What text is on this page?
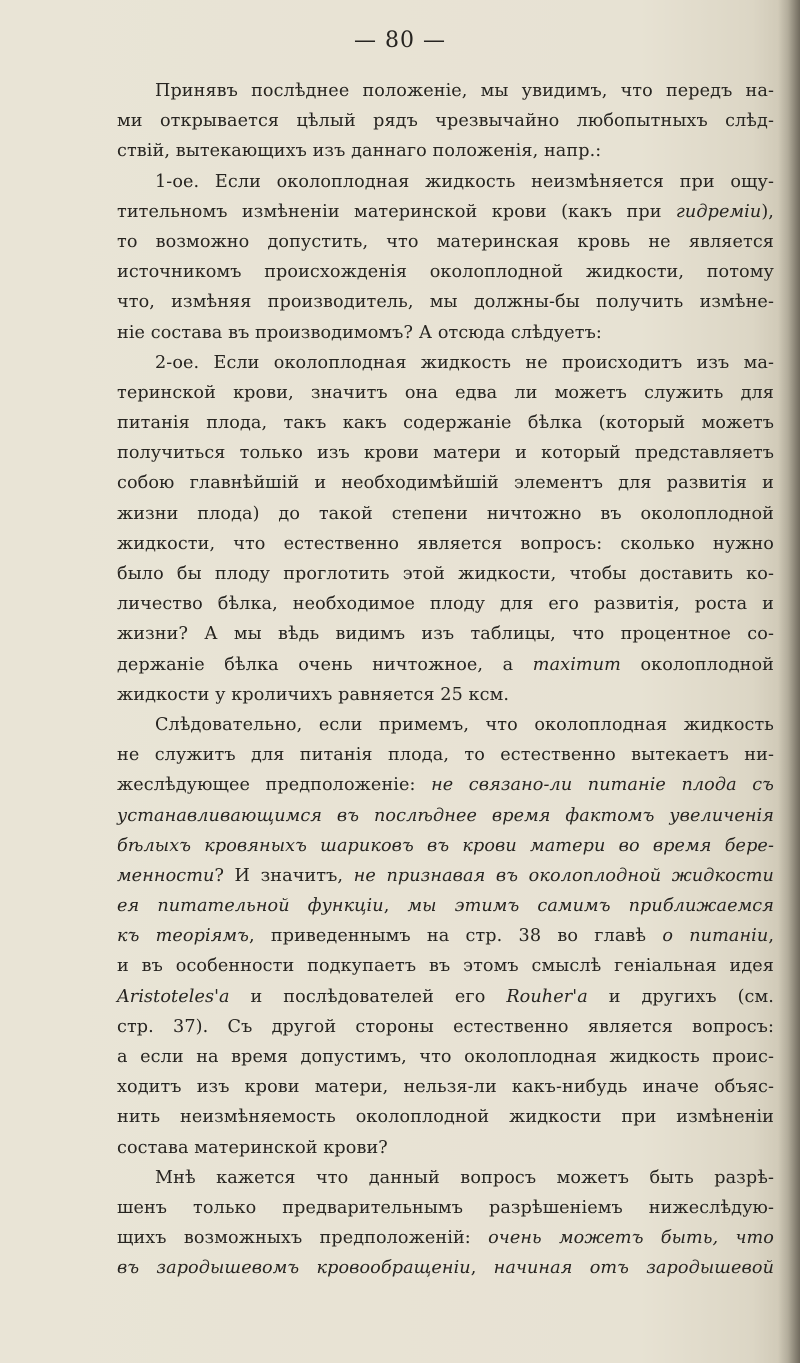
— 80 —
Принявъ послѣднее положеніе, мы увидимъ, что передъ на-
ми открывается цѣлый рядъ чрезвычайно любопытныхъ слѣд-
ствій, вытекающихъ изъ даннаго положенія, напр.:
1-ое. Если околоплодная жидкость неизмѣняется при ощу-
тительномъ измѣненіи материнской крови (какъ при гидреміи),
то возможно допустить, что материнская кровь не является
источникомъ происхожденія околоплодной жидкости, потому
что, измѣняя производитель, мы должны-бы получить измѣне-
ніе состава въ производимомъ? А отсюда слѣдуетъ:
2-ое. Если околоплодная жидкость не происходитъ изъ ма-
теринской крови, значитъ она едва ли можетъ служить для
питанія плода, такъ какъ содержаніе бѣлка (который можетъ
получиться только изъ крови матери и который представляетъ
собою главнѣйшій и необходимѣйшій элементъ для развитія и
жизни плода) до такой степени ничтожно въ околоплодной
жидкости, что естественно является вопросъ: сколько нужно
было бы плоду проглотить этой жидкости, чтобы доставить ко-
личество бѣлка, необходимое плоду для его развитія, роста и
жизни? А мы вѣдь видимъ изъ таблицы, что процентное со-
держаніе бѣлка очень ничтожное, а maximum околоплодной
жидкости у кроличихъ равняется 25 ксм.
Слѣдовательно, если примемъ, что околоплодная жидкость
не служитъ для питанія плода, то естественно вытекаетъ ни-
жеслѣдующее предположеніе: не связано-ли питаніе плода съ
устанавливающимся въ послѣднее время фактомъ увеличенія
бѣлыхъ кровяныхъ шариковъ въ крови матери во время бере-
менности? И значитъ, не признавая въ околоплодной жидкости
ея питательной функціи, мы этимъ самимъ приближаемся
къ теоріямъ, приведеннымъ на стр. 38 во главѣ о питаніи,
и въ особенности подкупаетъ въ этомъ смыслѣ геніальная идея
Aristoteles'а и послѣдователей его Rouher'а и другихъ (см.
стр. 37). Съ другой стороны естественно является вопросъ:
а если на время допустимъ, что околоплодная жидкость проис-
ходитъ изъ крови матери, нельзя-ли какъ-нибудь иначе объяс-
нить неизмѣняемость околоплодной жидкости при измѣненіи
состава материнской крови?
Мнѣ кажется что данный вопросъ можетъ быть разрѣ-
шенъ только предварительнымъ разрѣшеніемъ нижеслѣдую-
щихъ возможныхъ предположеній: очень можетъ быть, что
въ зародышевомъ кровообращеніи, начиная отъ зародышевой
